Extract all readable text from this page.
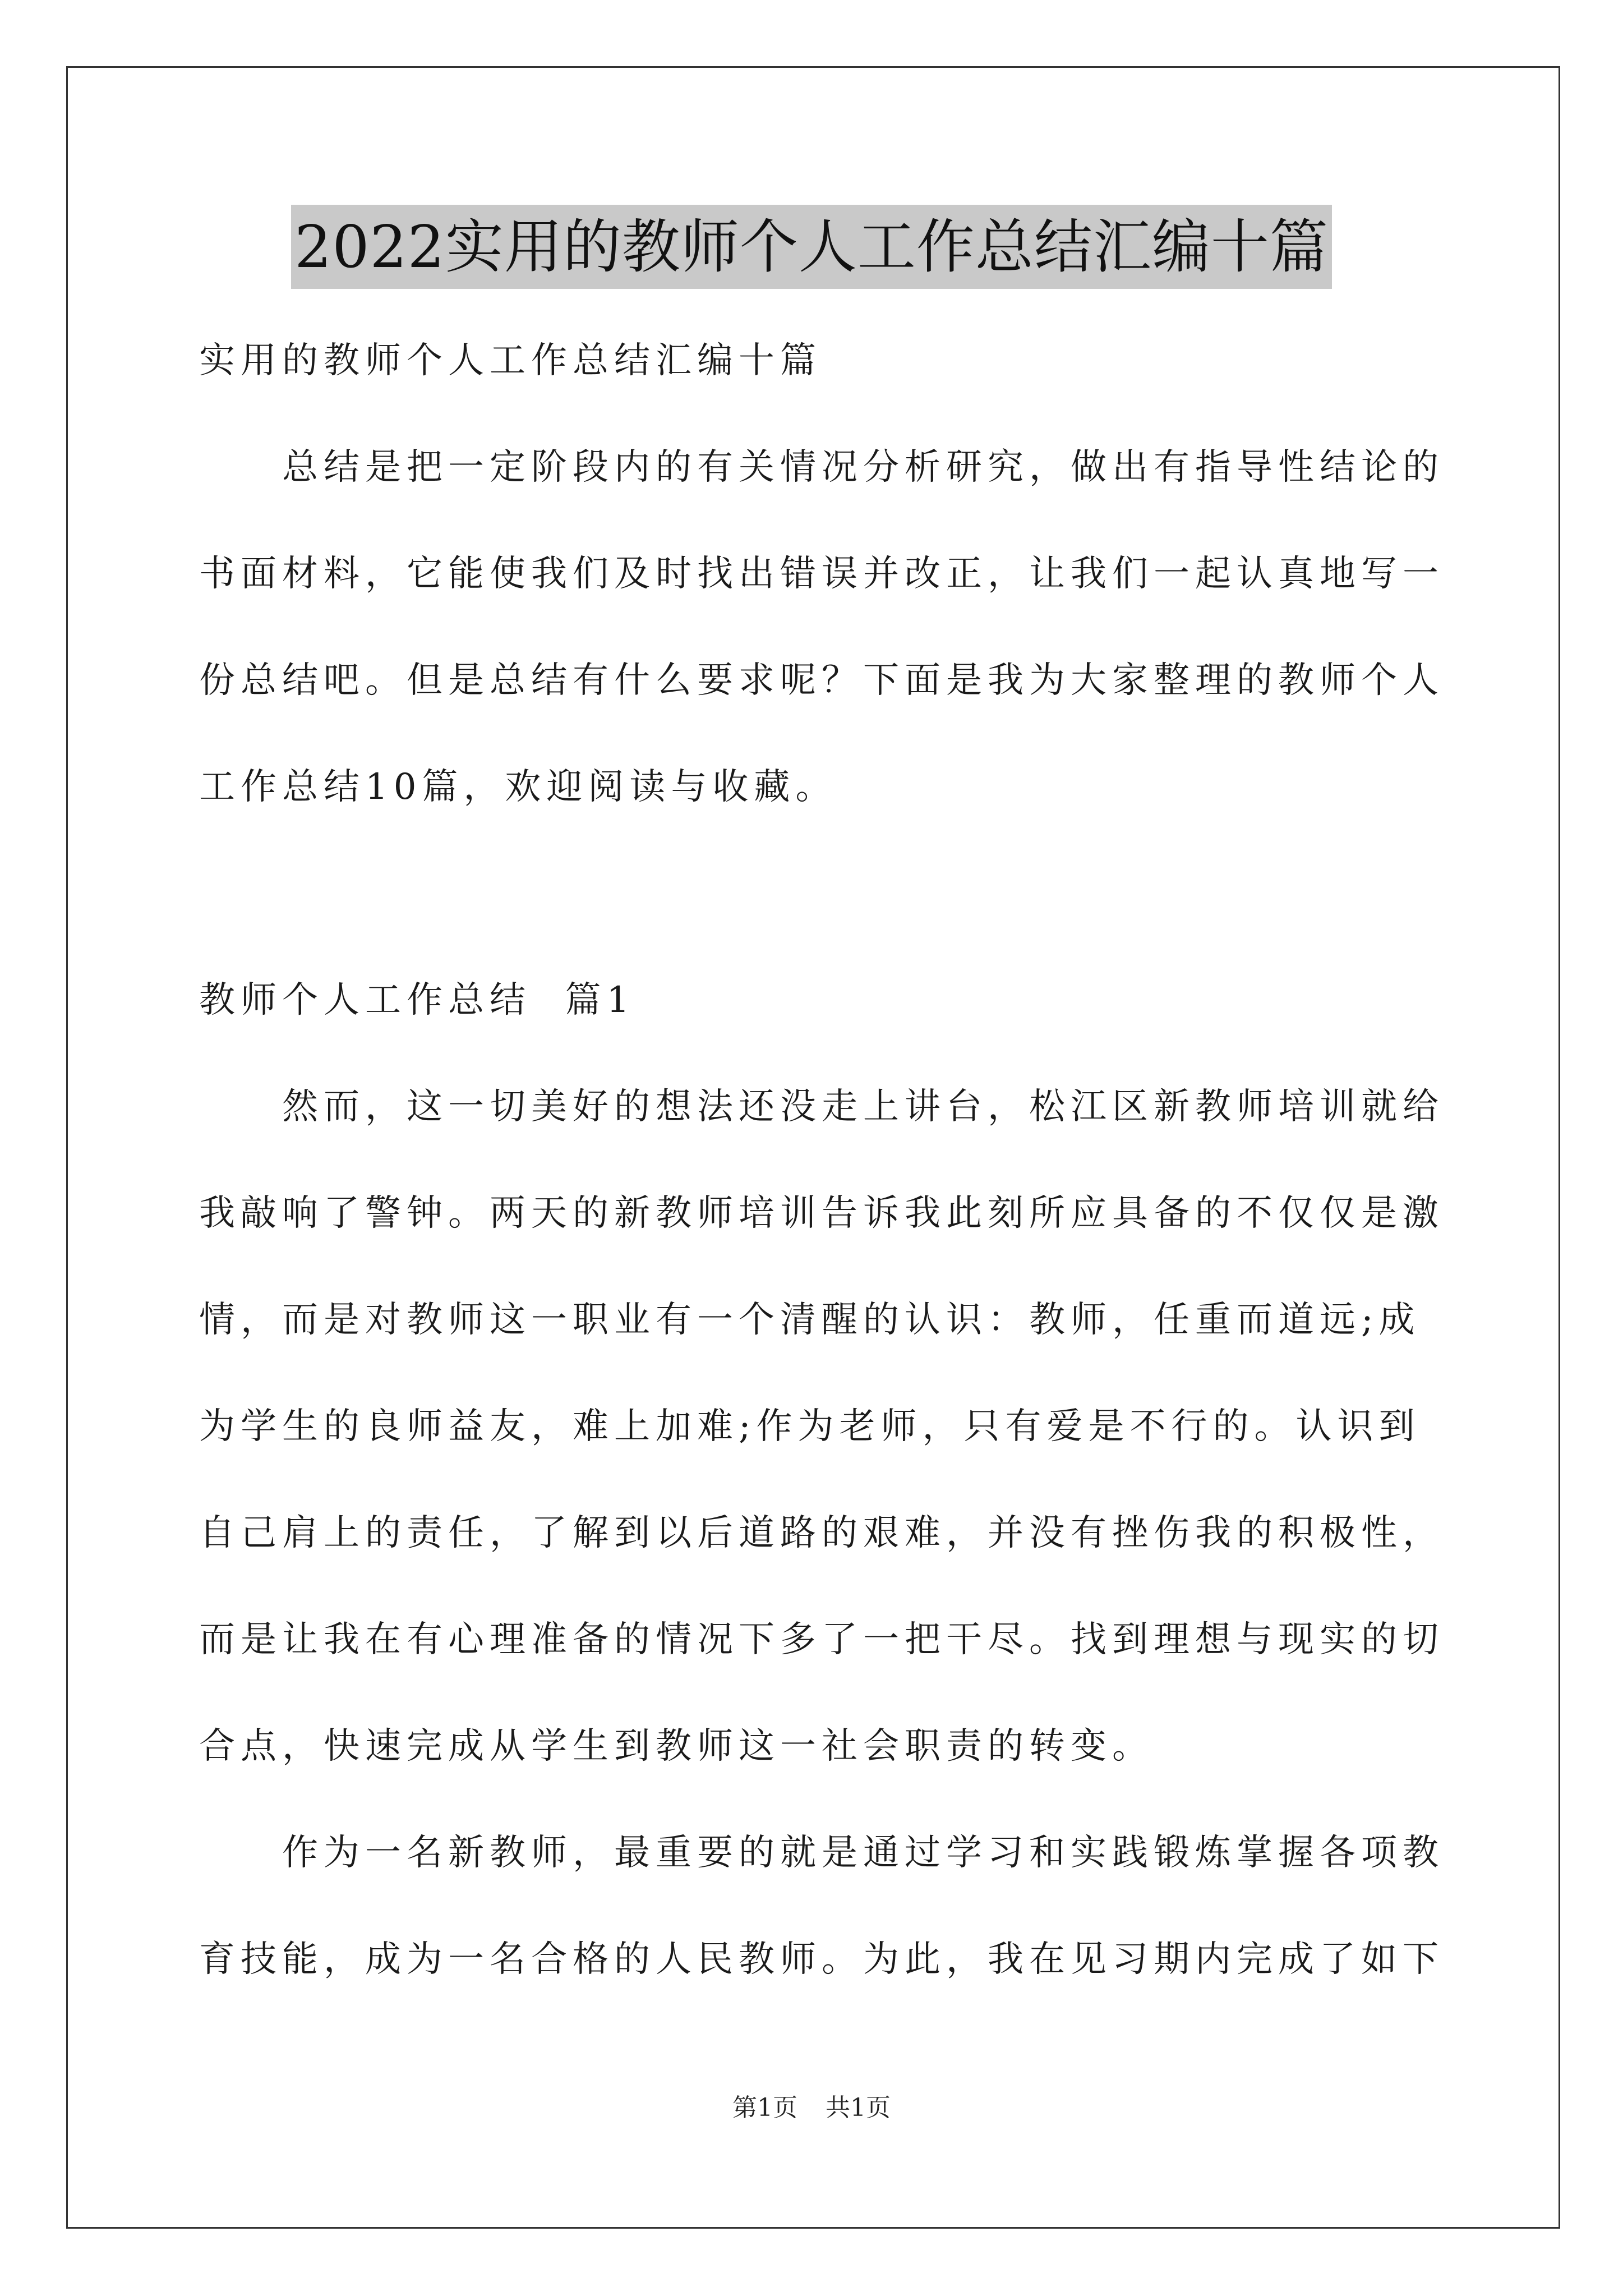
2022实用的教师个人工作总结汇编十篇

实用的教师个人工作总结汇编十篇

总结是把一定阶段内的有关情况分析研究，做出有指导性结论的书面材料，它能使我们及时找出错误并改正，让我们一起认真地写一份总结吧。但是总结有什么要求呢？下面是我为大家整理的教师个人工作总结10篇，欢迎阅读与收藏。

教师个人工作总结  篇1

然而，这一切美好的想法还没走上讲台，松江区新教师培训就给我敲响了警钟。两天的新教师培训告诉我此刻所应具备的不仅仅是激情，而是对教师这一职业有一个清醒的认识：教师，任重而道远;成为学生的良师益友，难上加难;作为老师，只有爱是不行的。认识到自己肩上的责任，了解到以后道路的艰难，并没有挫伤我的积极性，而是让我在有心理准备的情况下多了一把干尽。找到理想与现实的切合点，快速完成从学生到教师这一社会职责的转变。

作为一名新教师，最重要的就是通过学习和实践锻炼掌握各项教育技能，成为一名合格的人民教师。为此，我在见习期内完成了如下

第1页 共1页
